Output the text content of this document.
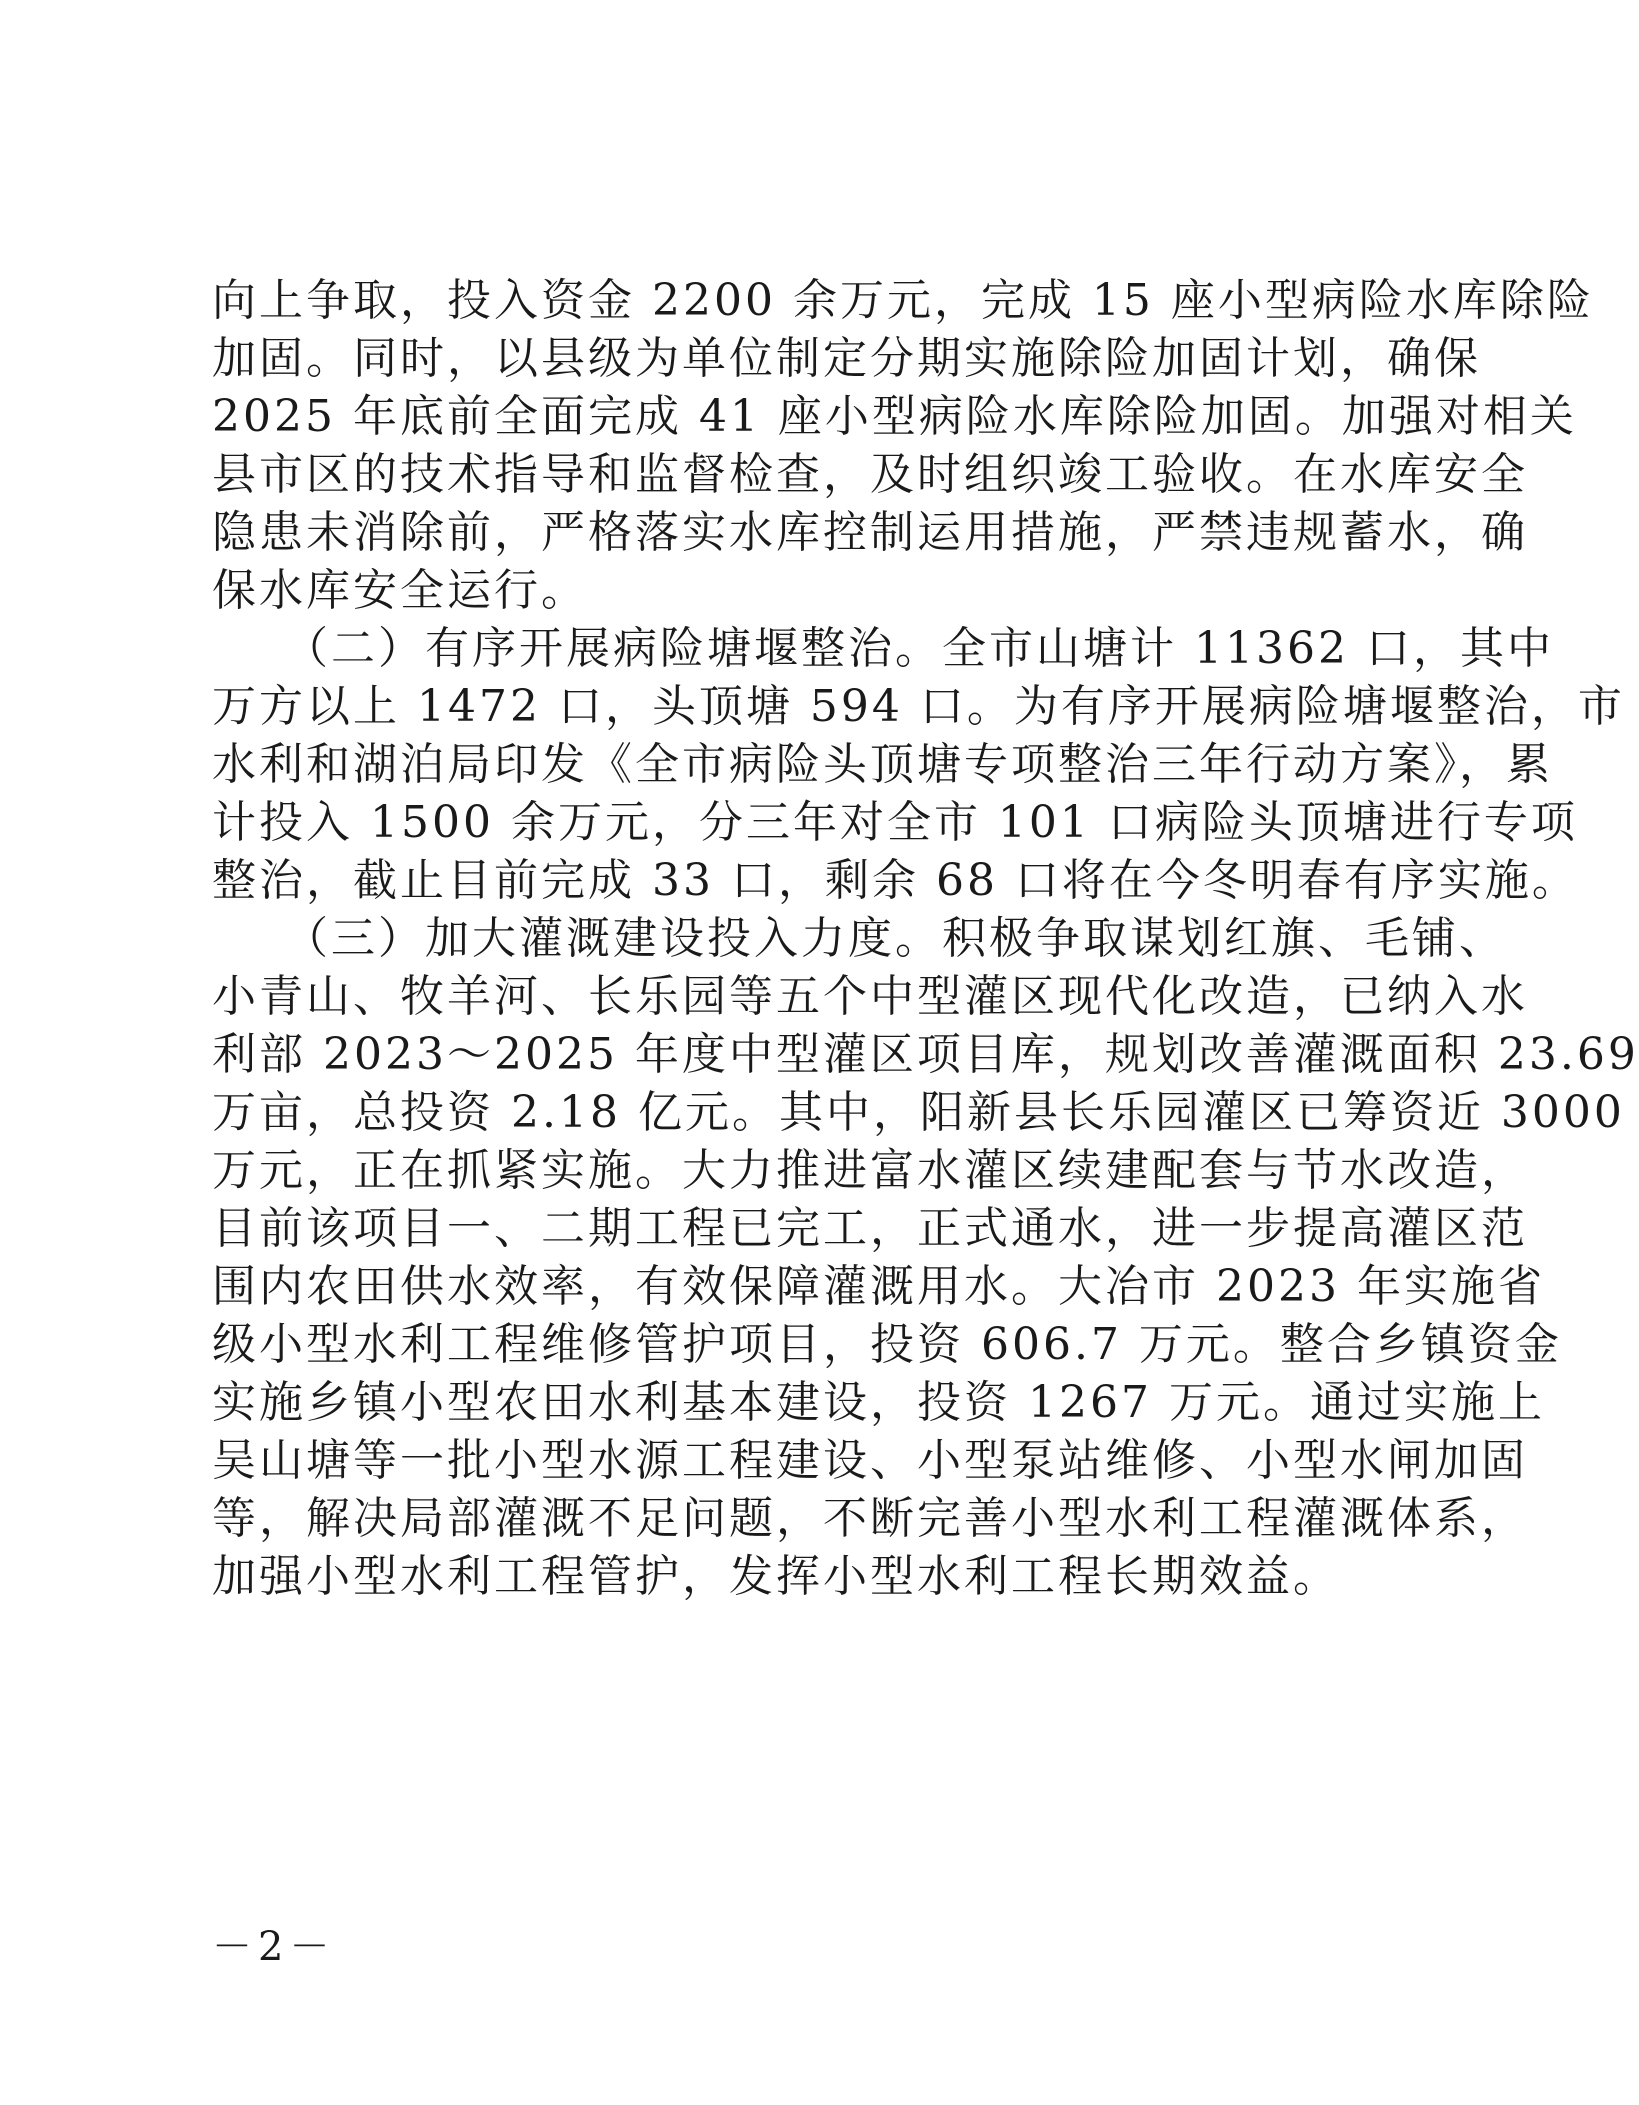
向上争取，投入资金 2200 余万元，完成 15 座小型病险水库除险
加固。同时，以县级为单位制定分期实施除险加固计划，确保
2025 年底前全面完成 41 座小型病险水库除险加固。加强对相关
县市区的技术指导和监督检查，及时组织竣工验收。在水库安全
隐患未消除前，严格落实水库控制运用措施，严禁违规蓄水，确
保水库安全运行。
　　（二）有序开展病险塘堰整治。全市山塘计 11362 口，其中
万方以上 1472 口，头顶塘 594 口。为有序开展病险塘堰整治，市
水利和湖泊局印发《全市病险头顶塘专项整治三年行动方案》，累
计投入 1500 余万元，分三年对全市 101 口病险头顶塘进行专项
整治，截止目前完成 33 口，剩余 68 口将在今冬明春有序实施。
　　（三）加大灌溉建设投入力度。积极争取谋划红旗、毛铺、
小青山、牧羊河、长乐园等五个中型灌区现代化改造，已纳入水
利部 2023～2025 年度中型灌区项目库，规划改善灌溉面积 23.69
万亩，总投资 2.18 亿元。其中，阳新县长乐园灌区已筹资近 3000
万元，正在抓紧实施。大力推进富水灌区续建配套与节水改造，
目前该项目一、二期工程已完工，正式通水，进一步提高灌区范
围内农田供水效率，有效保障灌溉用水。大冶市 2023 年实施省
级小型水利工程维修管护项目，投资 606.7 万元。整合乡镇资金
实施乡镇小型农田水利基本建设，投资 1267 万元。通过实施上
吴山塘等一批小型水源工程建设、小型泵站维修、小型水闸加固
等，解决局部灌溉不足问题，不断完善小型水利工程灌溉体系，
加强小型水利工程管护，发挥小型水利工程长期效益。
－2－
